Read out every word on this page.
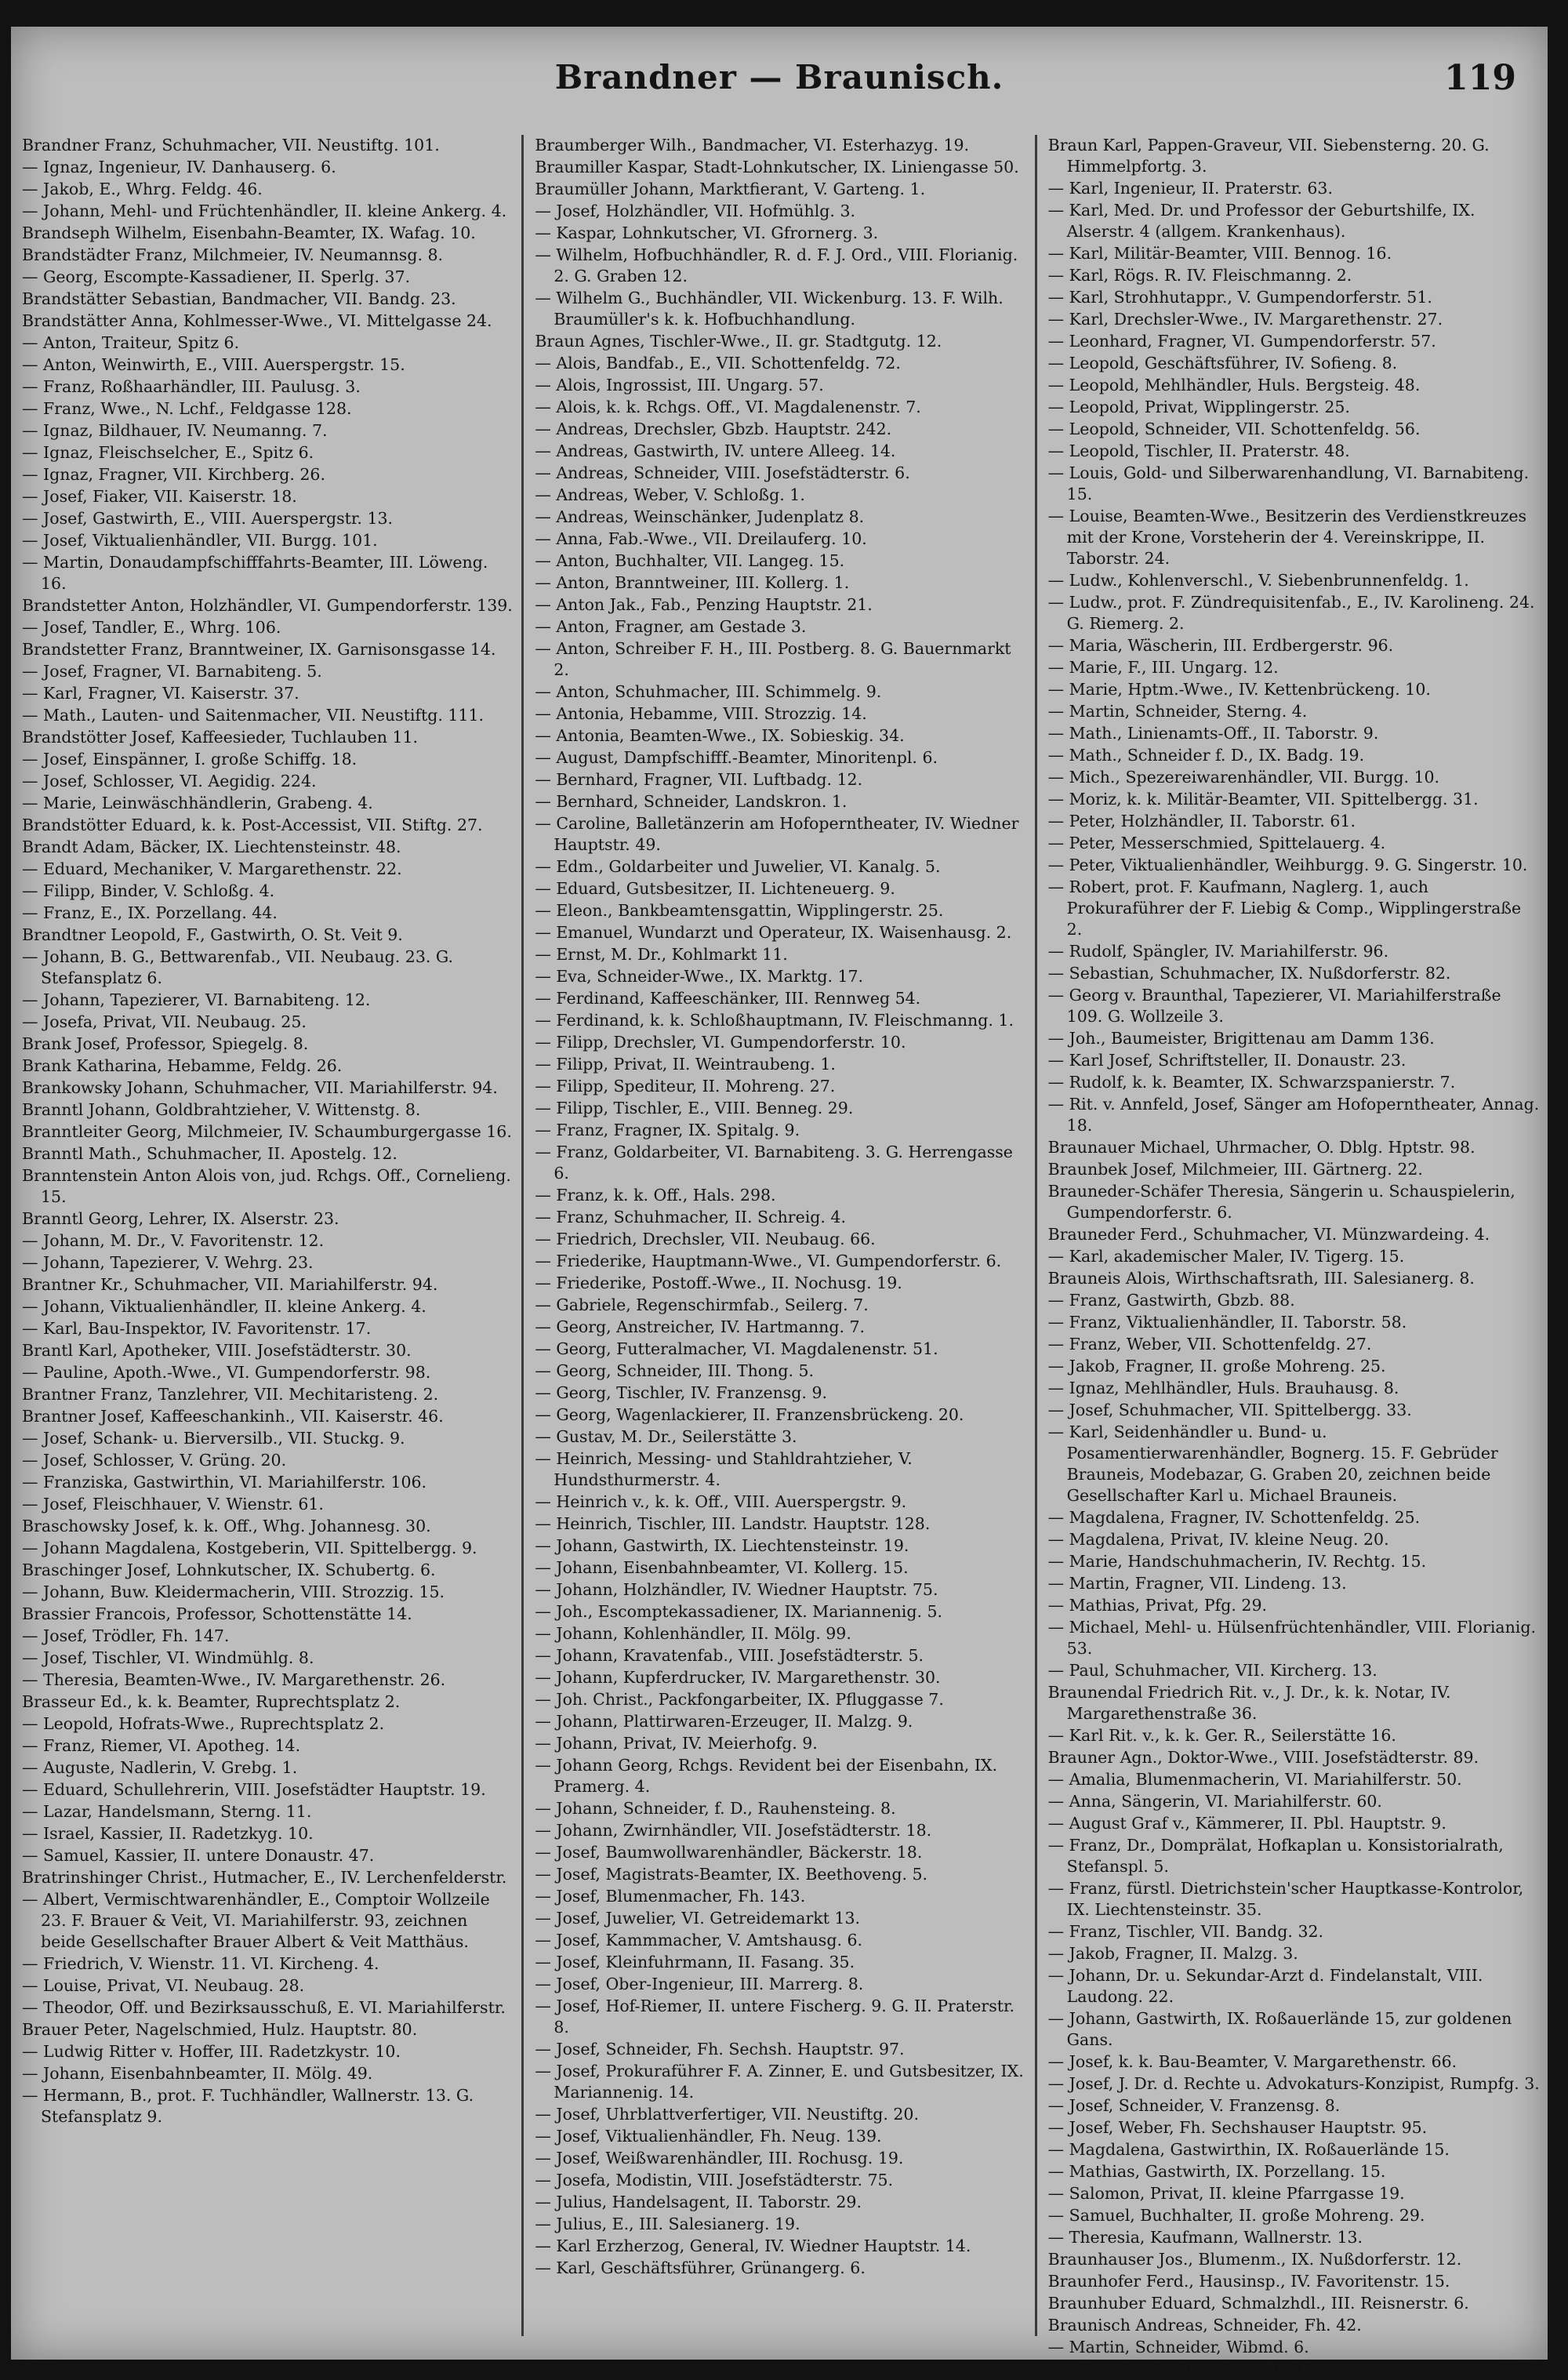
Brandner — Braunisch.	119
Brandner Franz, Schuhmacher, VII. Neustiftg. 101.
— Ignaz, Ingenieur, IV. Danhauserg. 6.
— Jakob, E., Whrg. Feldg. 46.
— Johann, Mehl- und Früchtenhändler, II. kleine Ankerg. 4.
Brandseph Wilhelm, Eisenbahn-Beamter, IX. Wafag. 10.
Brandstädter Franz, Milchmeier, IV. Neumannsg. 8.
— Georg, Escompte-Kassadiener, II. Sperlg. 37.
Brandstätter Sebastian, Bandmacher, VII. Bandg. 23.
Brandstätter Anna, Kohlmesser-Wwe., VI. Mittelgasse 24.
— Anton, Traiteur, Spitz 6.
— Anton, Weinwirth, E., VIII. Auerspergstr. 15.
— Franz, Roßhaarhändler, III. Paulusg. 3.
— Franz, Wwe., N. Lchf., Feldgasse 128.
— Ignaz, Bildhauer, IV. Neumanng. 7.
— Ignaz, Fleischselcher, E., Spitz 6.
— Ignaz, Fragner, VII. Kirchberg. 26.
— Josef, Fiaker, VII. Kaiserstr. 18.
— Josef, Gastwirth, E., VIII. Auerspergstr. 13.
— Josef, Viktualienhändler, VII. Burgg. 101.
— Martin, Donaudampfschifffahrts-Beamter, III. Löweng. 16.
Brandstetter Anton, Holzhändler, VI. Gumpendorferstr. 139.
— Josef, Tandler, E., Whrg. 106.
Brandstetter Franz, Branntweiner, IX. Garnisonsgasse 14.
— Josef, Fragner, VI. Barnabiteng. 5.
— Karl, Fragner, VI. Kaiserstr. 37.
— Math., Lauten- und Saitenmacher, VII. Neustiftg. 111.
Brandstötter Josef, Kaffeesieder, Tuchlauben 11.
— Josef, Einspänner, I. große Schiffg. 18.
— Josef, Schlosser, VI. Aegidig. 224.
— Marie, Leinwäschhändlerin, Grabeng. 4.
Brandstötter Eduard, k. k. Post-Accessist, VII. Stiftg. 27.
Brandt Adam, Bäcker, IX. Liechtensteinstr. 48.
— Eduard, Mechaniker, V. Margarethenstr. 22.
— Filipp, Binder, V. Schloßg. 4.
— Franz, E., IX. Porzellang. 44.
Brandtner Leopold, F., Gastwirth, O. St. Veit 9.
— Johann, B. G., Bettwarenfab., VII. Neubaug. 23. G. Stefansplatz 6.
— Johann, Tapezierer, VI. Barnabiteng. 12.
— Josefa, Privat, VII. Neubaug. 25.
Brank Josef, Professor, Spiegelg. 8.
Brank Katharina, Hebamme, Feldg. 26.
Brankowsky Johann, Schuhmacher, VII. Mariahilferstr. 94.
Branntl Johann, Goldbrahtzieher, V. Wittenstg. 8.
Branntleiter Georg, Milchmeier, IV. Schaumburgergasse 16.
Branntl Math., Schuhmacher, II. Apostelg. 12.
Branntenstein Anton Alois von, jud. Rchgs. Off., Cornelieng. 15.
Branntl Georg, Lehrer, IX. Alserstr. 23.
— Johann, M. Dr., V. Favoritenstr. 12.
— Johann, Tapezierer, V. Wehrg. 23.
Brantner Kr., Schuhmacher, VII. Mariahilferstr. 94.
— Johann, Viktualienhändler, II. kleine Ankerg. 4.
— Karl, Bau-Inspektor, IV. Favoritenstr. 17.
Brantl Karl, Apotheker, VIII. Josefstädterstr. 30.
— Pauline, Apoth.-Wwe., VI. Gumpendorferstr. 98.
Brantner Franz, Tanzlehrer, VII. Mechitaristeng. 2.
Brantner Josef, Kaffeeschankinh., VII. Kaiserstr. 46.
— Josef, Schank- u. Bierversilb., VII. Stuckg. 9.
— Josef, Schlosser, V. Grüng. 20.
— Franziska, Gastwirthin, VI. Mariahilferstr. 106.
— Josef, Fleischhauer, V. Wienstr. 61.
Braschowsky Josef, k. k. Off., Whg. Johannesg. 30.
— Johann Magdalena, Kostgeberin, VII. Spittelbergg. 9.
Braschinger Josef, Lohnkutscher, IX. Schubertg. 6.
— Johann, Buw. Kleidermacherin, VIII. Strozzig. 15.
Brassier Francois, Professor, Schottenstätte 14.
— Josef, Trödler, Fh. 147.
— Josef, Tischler, VI. Windmühlg. 8.
— Theresia, Beamten-Wwe., IV. Margarethenstr. 26.
Brasseur Ed., k. k. Beamter, Ruprechtsplatz 2.
— Leopold, Hofrats-Wwe., Ruprechtsplatz 2.
— Franz, Riemer, VI. Apotheg. 14.
— Auguste, Nadlerin, V. Grebg. 1.
— Eduard, Schullehrerin, VIII. Josefstädter Hauptstr. 19.
— Lazar, Handelsmann, Sterng. 11.
— Israel, Kassier, II. Radetzkyg. 10.
— Samuel, Kassier, II. untere Donaustr. 47.
Bratrinshinger Christ., Hutmacher, E., IV. Lerchenfelderstr.
— Albert, Vermischtwarenhändler, E., Comptoir Wollzeile 23. F. Brauer & Veit, VI. Mariahilferstr. 93, zeichnen beide Gesellschafter Brauer Albert & Veit Matthäus.
— Friedrich, V. Wienstr. 11. VI. Kircheng. 4.
— Louise, Privat, VI. Neubaug. 28.
— Theodor, Off. und Bezirksausschuß, E. VI. Mariahilferstr.
Brauer Peter, Nagelschmied, Hulz. Hauptstr. 80.
— Ludwig Ritter v. Hoffer, III. Radetzkystr. 10.
— Johann, Eisenbahnbeamter, II. Mölg. 49.
— Hermann, B., prot. F. Tuchhändler, Wallnerstr. 13. G. Stefansplatz 9.
Braumberger Wilh., Bandmacher, VI. Esterhazyg. 19.
Braumiller Kaspar, Stadt-Lohnkutscher, IX. Liniengasse 50.
Braumüller Johann, Marktfierant, V. Garteng. 1.
— Josef, Holzhändler, VII. Hofmühlg. 3.
— Kaspar, Lohnkutscher, VI. Gfrornerg. 3.
— Wilhelm, Hofbuchhändler, R. d. F. J. Ord., VIII. Florianig. 2. G. Graben 12.
— Wilhelm G., Buchhändler, VII. Wickenburg. 13. F. Wilh. Braumüller's k. k. Hofbuchhandlung.
Braun Agnes, Tischler-Wwe., II. gr. Stadtgutg. 12.
— Alois, Bandfab., E., VII. Schottenfeldg. 72.
— Alois, Ingrossist, III. Ungarg. 57.
— Alois, k. k. Rchgs. Off., VI. Magdalenenstr. 7.
— Andreas, Drechsler, Gbzb. Hauptstr. 242.
— Andreas, Gastwirth, IV. untere Alleeg. 14.
— Andreas, Schneider, VIII. Josefstädterstr. 6.
— Andreas, Weber, V. Schloßg. 1.
— Andreas, Weinschänker, Judenplatz 8.
— Anna, Fab.-Wwe., VII. Dreilauferg. 10.
— Anton, Buchhalter, VII. Langeg. 15.
— Anton, Branntweiner, III. Kollerg. 1.
— Anton Jak., Fab., Penzing Hauptstr. 21.
— Anton, Fragner, am Gestade 3.
— Anton, Schreiber F. H., III. Postberg. 8. G. Bauernmarkt 2.
— Anton, Schuhmacher, III. Schimmelg. 9.
— Antonia, Hebamme, VIII. Strozzig. 14.
— Antonia, Beamten-Wwe., IX. Sobieskig. 34.
— August, Dampfschifff.-Beamter, Minoritenpl. 6.
— Bernhard, Fragner, VII. Luftbadg. 12.
— Bernhard, Schneider, Landskron. 1.
— Caroline, Balletänzerin am Hofoperntheater, IV. Wiedner Hauptstr. 49.
— Edm., Goldarbeiter und Juwelier, VI. Kanalg. 5.
— Eduard, Gutsbesitzer, II. Lichteneuerg. 9.
— Eleon., Bankbeamtensgattin, Wipplingerstr. 25.
— Emanuel, Wundarzt und Operateur, IX. Waisenhausg. 2.
— Ernst, M. Dr., Kohlmarkt 11.
— Eva, Schneider-Wwe., IX. Marktg. 17.
— Ferdinand, Kaffeeschänker, III. Rennweg 54.
— Ferdinand, k. k. Schloßhauptmann, IV. Fleischmanng. 1.
— Filipp, Drechsler, VI. Gumpendorferstr. 10.
— Filipp, Privat, II. Weintraubeng. 1.
— Filipp, Spediteur, II. Mohreng. 27.
— Filipp, Tischler, E., VIII. Benneg. 29.
— Franz, Fragner, IX. Spitalg. 9.
— Franz, Goldarbeiter, VI. Barnabiteng. 3. G. Herrengasse 6.
— Franz, k. k. Off., Hals. 298.
— Franz, Schuhmacher, II. Schreig. 4.
— Friedrich, Drechsler, VII. Neubaug. 66.
— Friederike, Hauptmann-Wwe., VI. Gumpendorferstr. 6.
— Friederike, Postoff.-Wwe., II. Nochusg. 19.
— Gabriele, Regenschirmfab., Seilerg. 7.
— Georg, Anstreicher, IV. Hartmanng. 7.
— Georg, Futteralmacher, VI. Magdalenenstr. 51.
— Georg, Schneider, III. Thong. 5.
— Georg, Tischler, IV. Franzensg. 9.
— Georg, Wagenlackierer, II. Franzensbrückeng. 20.
— Gustav, M. Dr., Seilerstätte 3.
— Heinrich, Messing- und Stahldrahtzieher, V. Hundsthurmerstr. 4.
— Heinrich v., k. k. Off., VIII. Auerspergstr. 9.
— Heinrich, Tischler, III. Landstr. Hauptstr. 128.
— Johann, Gastwirth, IX. Liechtensteinstr. 19.
— Johann, Eisenbahnbeamter, VI. Kollerg. 15.
— Johann, Holzhändler, IV. Wiedner Hauptstr. 75.
— Joh., Escomptekassadiener, IX. Mariannenig. 5.
— Johann, Kohlenhändler, II. Mölg. 99.
— Johann, Kravatenfab., VIII. Josefstädterstr. 5.
— Johann, Kupferdrucker, IV. Margarethenstr. 30.
— Joh. Christ., Packfongarbeiter, IX. Pfluggasse 7.
— Johann, Plattirwaren-Erzeuger, II. Malzg. 9.
— Johann, Privat, IV. Meierhofg. 9.
— Johann Georg, Rchgs. Revident bei der Eisenbahn, IX. Pramerg. 4.
— Johann, Schneider, f. D., Rauhensteing. 8.
— Johann, Zwirnhändler, VII. Josefstädterstr. 18.
— Josef, Baumwollwarenhändler, Bäckerstr. 18.
— Josef, Magistrats-Beamter, IX. Beethoveng. 5.
— Josef, Blumenmacher, Fh. 143.
— Josef, Juwelier, VI. Getreidemarkt 13.
— Josef, Kammmacher, V. Amtshausg. 6.
— Josef, Kleinfuhrmann, II. Fasang. 35.
— Josef, Ober-Ingenieur, III. Marrerg. 8.
— Josef, Hof-Riemer, II. untere Fischerg. 9. G. II. Praterstr. 8.
— Josef, Schneider, Fh. Sechsh. Hauptstr. 97.
— Josef, Prokuraführer F. A. Zinner, E. und Gutsbesitzer, IX. Mariannenig. 14.
— Josef, Uhrblattverfertiger, VII. Neustiftg. 20.
— Josef, Viktualienhändler, Fh. Neug. 139.
— Josef, Weißwarenhändler, III. Rochusg. 19.
— Josefa, Modistin, VIII. Josefstädterstr. 75.
— Julius, Handelsagent, II. Taborstr. 29.
— Julius, E., III. Salesianerg. 19.
— Karl Erzherzog, General, IV. Wiedner Hauptstr. 14.
— Karl, Geschäftsführer, Grünangerg. 6.
Braun Karl, Pappen-Graveur, VII. Siebensterng. 20. G. Himmelpfortg. 3.
— Karl, Ingenieur, II. Praterstr. 63.
— Karl, Med. Dr. und Professor der Geburtshilfe, IX. Alserstr. 4 (allgem. Krankenhaus).
— Karl, Militär-Beamter, VIII. Bennog. 16.
— Karl, Rögs. R. IV. Fleischmanng. 2.
— Karl, Strohhutappr., V. Gumpendorferstr. 51.
— Karl, Drechsler-Wwe., IV. Margarethenstr. 27.
— Leonhard, Fragner, VI. Gumpendorferstr. 57.
— Leopold, Geschäftsführer, IV. Sofieng. 8.
— Leopold, Mehlhändler, Huls. Bergsteig. 48.
— Leopold, Privat, Wipplingerstr. 25.
— Leopold, Schneider, VII. Schottenfeldg. 56.
— Leopold, Tischler, II. Praterstr. 48.
— Louis, Gold- und Silberwarenhandlung, VI. Barnabiteng. 15.
— Louise, Beamten-Wwe., Besitzerin des Verdienstkreuzes mit der Krone, Vorsteherin der 4. Vereinskrippe, II. Taborstr. 24.
— Ludw., Kohlenverschl., V. Siebenbrunnenfeldg. 1.
— Ludw., prot. F. Zündrequisitenfab., E., IV. Karolineng. 24. G. Riemerg. 2.
— Maria, Wäscherin, III. Erdbergerstr. 96.
— Marie, F., III. Ungarg. 12.
— Marie, Hptm.-Wwe., IV. Kettenbrückeng. 10.
— Martin, Schneider, Sterng. 4.
— Math., Linienamts-Off., II. Taborstr. 9.
— Math., Schneider f. D., IX. Badg. 19.
— Mich., Spezereiwarenhändler, VII. Burgg. 10.
— Moriz, k. k. Militär-Beamter, VII. Spittelbergg. 31.
— Peter, Holzhändler, II. Taborstr. 61.
— Peter, Messerschmied, Spittelauerg. 4.
— Peter, Viktualienhändler, Weihburgg. 9. G. Singerstr. 10.
— Robert, prot. F. Kaufmann, Naglerg. 1, auch Prokuraführer der F. Liebig & Comp., Wipplingerstraße 2.
— Rudolf, Spängler, IV. Mariahilferstr. 96.
— Sebastian, Schuhmacher, IX. Nußdorferstr. 82.
— Georg v. Braunthal, Tapezierer, VI. Mariahilferstraße 109. G. Wollzeile 3.
— Joh., Baumeister, Brigittenau am Damm 136.
— Karl Josef, Schriftsteller, II. Donaustr. 23.
— Rudolf, k. k. Beamter, IX. Schwarzspanierstr. 7.
— Rit. v. Annfeld, Josef, Sänger am Hofoperntheater, Annag. 18.
Braunauer Michael, Uhrmacher, O. Dblg. Hptstr. 98.
Braunbek Josef, Milchmeier, III. Gärtnerg. 22.
Brauneder-Schäfer Theresia, Sängerin u. Schauspielerin, Gumpendorferstr. 6.
Brauneder Ferd., Schuhmacher, VI. Münzwardeing. 4.
— Karl, akademischer Maler, IV. Tigerg. 15.
Brauneis Alois, Wirthschaftsrath, III. Salesianerg. 8.
— Franz, Gastwirth, Gbzb. 88.
— Franz, Viktualienhändler, II. Taborstr. 58.
— Franz, Weber, VII. Schottenfeldg. 27.
— Jakob, Fragner, II. große Mohreng. 25.
— Ignaz, Mehlhändler, Huls. Brauhausg. 8.
— Josef, Schuhmacher, VII. Spittelbergg. 33.
— Karl, Seidenhändler u. Bund- u. Posamentierwarenhändler, Bognerg. 15. F. Gebrüder Brauneis, Modebazar, G. Graben 20, zeichnen beide Gesellschafter Karl u. Michael Brauneis.
— Magdalena, Fragner, IV. Schottenfeldg. 25.
— Magdalena, Privat, IV. kleine Neug. 20.
— Marie, Handschuhmacherin, IV. Rechtg. 15.
— Martin, Fragner, VII. Lindeng. 13.
— Mathias, Privat, Pfg. 29.
— Michael, Mehl- u. Hülsenfrüchtenhändler, VIII. Florianig. 53.
— Paul, Schuhmacher, VII. Kircherg. 13.
Braunendal Friedrich Rit. v., J. Dr., k. k. Notar, IV. Margarethenstraße 36.
— Karl Rit. v., k. k. Ger. R., Seilerstätte 16.
Brauner Agn., Doktor-Wwe., VIII. Josefstädterstr. 89.
— Amalia, Blumenmacherin, VI. Mariahilferstr. 50.
— Anna, Sängerin, VI. Mariahilferstr. 60.
— August Graf v., Kämmerer, II. Pbl. Hauptstr. 9.
— Franz, Dr., Domprälat, Hofkaplan u. Konsistorialrath, Stefanspl. 5.
— Franz, fürstl. Dietrichstein'scher Hauptkasse-Kontrolor, IX. Liechtensteinstr. 35.
— Franz, Tischler, VII. Bandg. 32.
— Jakob, Fragner, II. Malzg. 3.
— Johann, Dr. u. Sekundar-Arzt d. Findelanstalt, VIII. Laudong. 22.
— Johann, Gastwirth, IX. Roßauerlände 15, zur goldenen Gans.
— Josef, k. k. Bau-Beamter, V. Margarethenstr. 66.
— Josef, J. Dr. d. Rechte u. Advokaturs-Konzipist, Rumpfg. 3.
— Josef, Schneider, V. Franzensg. 8.
— Josef, Weber, Fh. Sechshauser Hauptstr. 95.
— Magdalena, Gastwirthin, IX. Roßauerlände 15.
— Mathias, Gastwirth, IX. Porzellang. 15.
— Salomon, Privat, II. kleine Pfarrgasse 19.
— Samuel, Buchhalter, II. große Mohreng. 29.
— Theresia, Kaufmann, Wallnerstr. 13.
Braunhauser Jos., Blumenm., IX. Nußdorferstr. 12.
Braunhofer Ferd., Hausinsp., IV. Favoritenstr. 15.
Braunhuber Eduard, Schmalzhdl., III. Reisnerstr. 6.
Braunisch Andreas, Schneider, Fh. 42.
— Martin, Schneider, Wibmd. 6.
— Wenzel, Schuhmacher, VII. Hermanng. 30.
